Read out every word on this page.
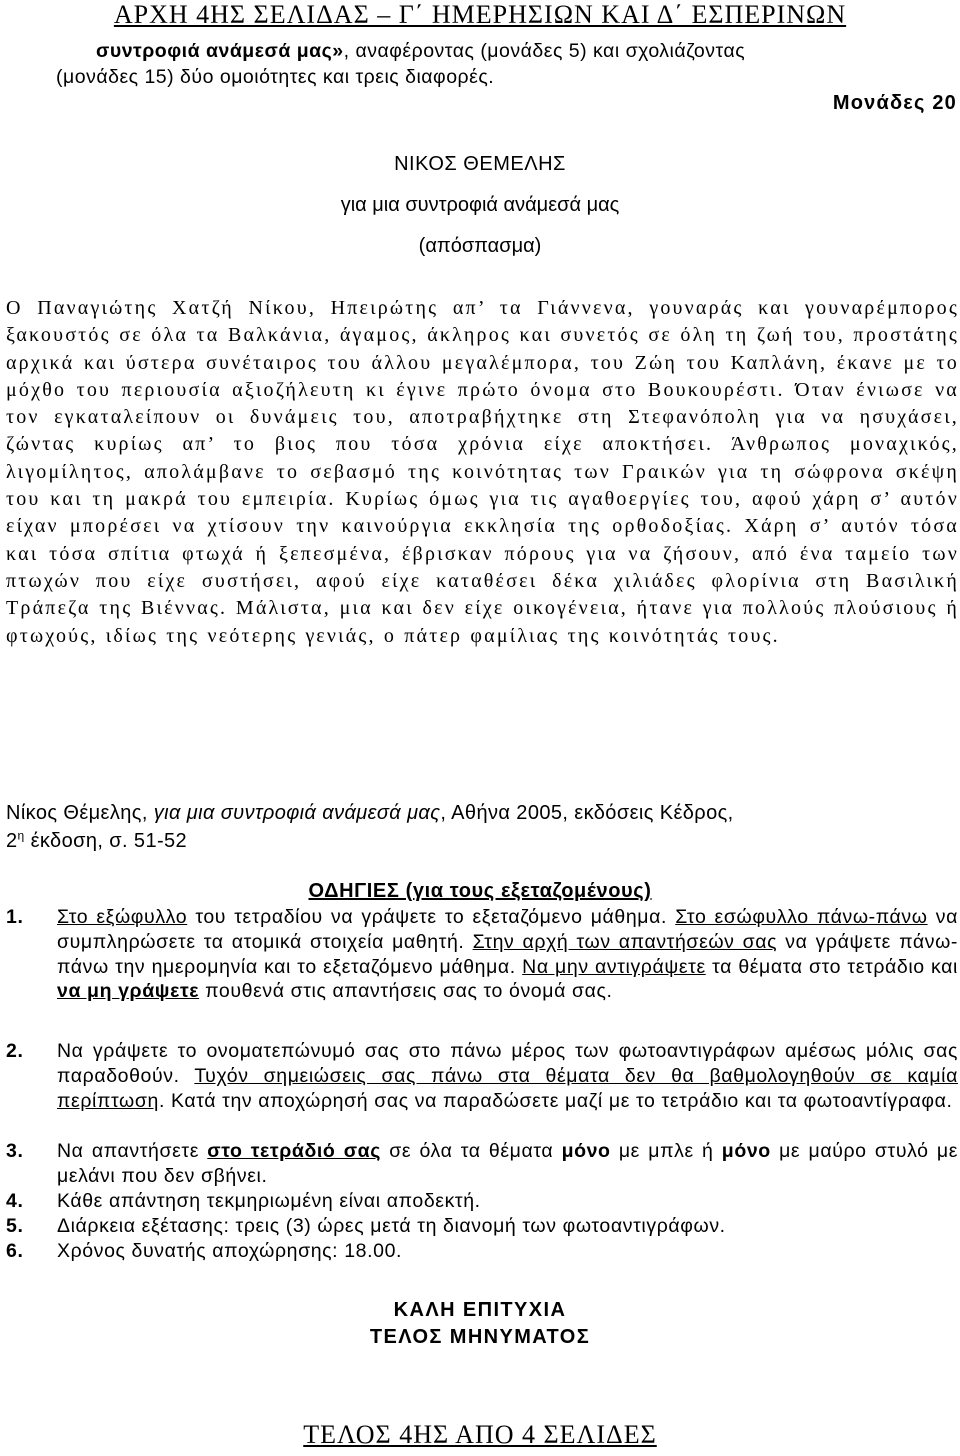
ΑΡΧΗ 4ΗΣ ΣΕΛΙΔΑΣ – Γ΄ ΗΜΕΡΗΣΙΩΝ ΚΑΙ Δ΄ ΕΣΠΕΡΙΝΩΝ
συντροφιά ανάμεσά μας», αναφέροντας (μονάδες 5) και σχολιάζοντας
(μονάδες 15) δύο ομοιότητες και τρεις διαφορές.
Μονάδες 20
ΝΙΚΟΣ ΘΕΜΕΛΗΣ
για μια συντροφιά ανάμεσά μας
(απόσπασμα)
Ο Παναγιώτης Χατζή Νίκου, Ηπειρώτης απ’ τα Γιάννενα, γουναράς και γουναρέμπορος ξακουστός σε όλα τα Βαλκάνια, άγαμος, άκληρος και συνετός σε όλη τη ζωή του, προστάτης αρχικά και ύστερα συνέταιρος του άλλου μεγαλέμπορα, του Ζώη του Καπλάνη, έκανε με το μόχθο του περιουσία αξιοζήλευτη κι έγινε πρώτο όνομα στο Βουκουρέστι. Όταν ένιωσε να τον εγκαταλείπουν οι δυνάμεις του, αποτραβήχτηκε στη Στεφανόπολη για να ησυχάσει, ζώντας κυρίως απ’ το βιος που τόσα χρόνια είχε αποκτήσει. Άνθρωπος μοναχικός, λιγομίλητος, απολάμβανε το σεβασμό της κοινότητας των Γραικών για τη σώφρονα σκέψη του και τη μακρά του εμπειρία. Κυρίως όμως για τις αγαθοεργίες του, αφού χάρη σ’ αυτόν είχαν μπορέσει να χτίσουν την καινούργια εκκλησία της ορθοδοξίας. Χάρη σ’ αυτόν τόσα και τόσα σπίτια φτωχά ή ξεπεσμένα, έβρισκαν πόρους για να ζήσουν, από ένα ταμείο των πτωχών που είχε συστήσει, αφού είχε καταθέσει δέκα χιλιάδες φλορίνια στη Βασιλική Τράπεζα της Βιέννας. Μάλιστα, μια και δεν είχε οικογένεια, ήτανε για πολλούς πλούσιους ή φτωχούς, ιδίως της νεότερης γενιάς, ο πάτερ φαμίλιας της κοινότητάς τους.
Νίκος Θέμελης, για μια συντροφιά ανάμεσά μας, Αθήνα 2005, εκδόσεις Κέδρος,
$2^\eta$ έκδοση, σ. 51-52
ΟΔΗΓΙΕΣ (για τους εξεταζομένους)
1. Στο εξώφυλλο του τετραδίου να γράψετε το εξεταζόμενο μάθημα. Στο εσώφυλλο πάνω-πάνω να συμπληρώσετε τα ατομικά στοιχεία μαθητή. Στην αρχή των απαντήσεών σας να γράψετε πάνω-πάνω την ημερομηνία και το εξεταζόμενο μάθημα. Να μην αντιγράψετε τα θέματα στο τετράδιο και να μη γράψετε πουθενά στις απαντήσεις σας το όνομά σας.
2. Να γράψετε το ονοματεπώνυμό σας στο πάνω μέρος των φωτοαντιγράφων αμέσως μόλις σας παραδοθούν. Τυχόν σημειώσεις σας πάνω στα θέματα δεν θα βαθμολογηθούν σε καμία περίπτωση. Κατά την αποχώρησή σας να παραδώσετε μαζί με το τετράδιο και τα φωτοαντίγραφα.
3. Να απαντήσετε στο τετράδιό σας σε όλα τα θέματα μόνο με μπλε ή μόνο με μαύρο στυλό με μελάνι που δεν σβήνει.
4. Κάθε απάντηση τεκμηριωμένη είναι αποδεκτή.
5. Διάρκεια εξέτασης: τρεις (3) ώρες μετά τη διανομή των φωτοαντιγράφων.
6. Χρόνος δυνατής αποχώρησης: 18.00.
ΚΑΛΗ ΕΠΙΤΥΧΙΑ
ΤΕΛΟΣ ΜΗΝΥΜΑΤΟΣ
ΤΕΛΟΣ 4ΗΣ ΑΠΟ 4 ΣΕΛΙΔΕΣ
